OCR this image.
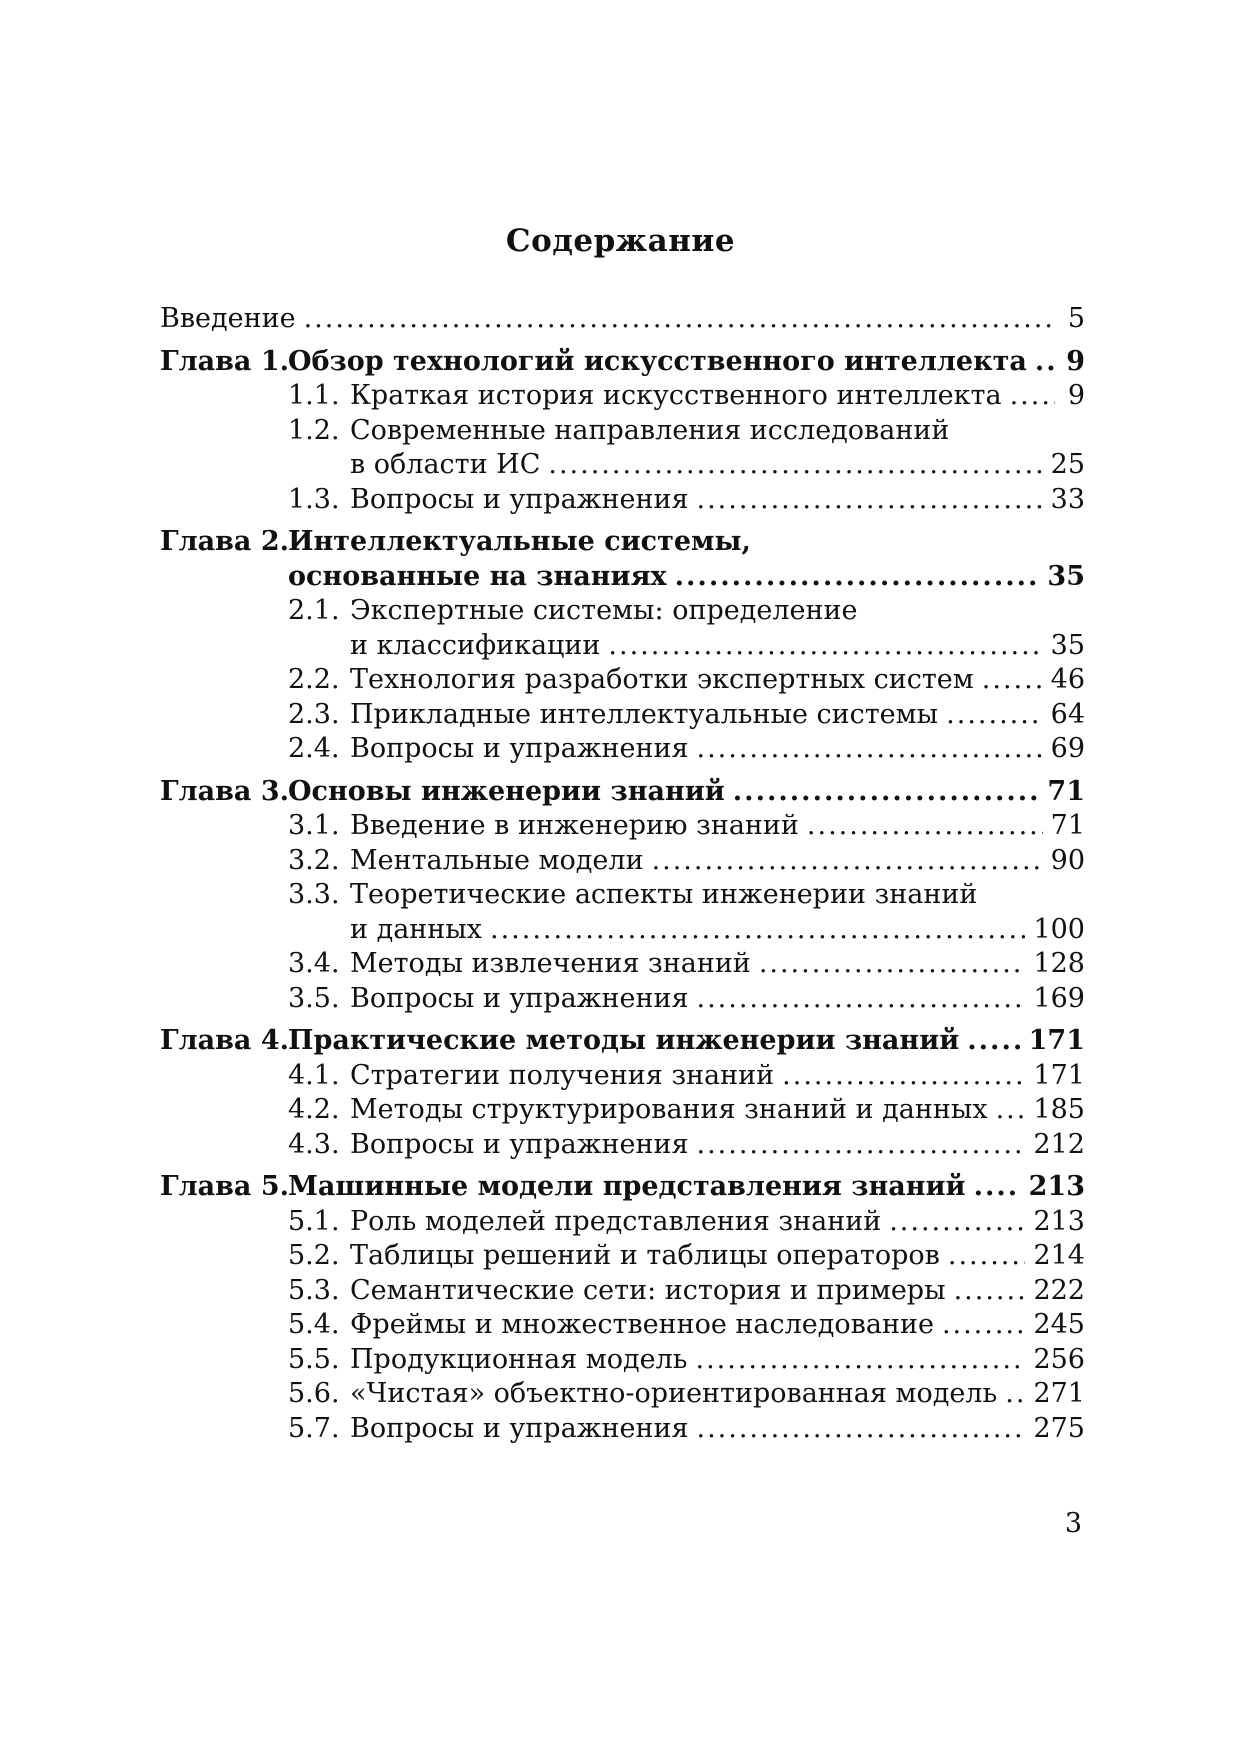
Содержание
Введение .....	5
Глава 1.
Обзор технологий искусственного интеллекта ..... 9
1.1. Краткая история искусственного интеллекта ..... 9
1.2. Современные направления исследований
в области ИС .....	25
1.3. Вопросы и упражнения .....	33
Глава 2.
Интеллектуальные системы,
основанные на знаниях .....	35
2.1. Экспертные системы: определение
и классификации .....	35
2.2. Технология разработки экспертных систем .....	46
2.3. Прикладные интеллектуальные системы .....	64
2.4. Вопросы и упражнения .....	69
Глава 3.
Основы инженерии знаний .....	71
3.1. Введение в инженерию знаний .....	71
3.2. Ментальные модели .....	90
3.3. Теоретические аспекты инженерии знаний
и данных .....	100
3.4. Методы извлечения знаний .....	128
3.5. Вопросы и упражнения .....	169
Глава 4.
Практические методы инженерии знаний .....	171
4.1. Стратегии получения знаний .....	171
4.2. Методы структурирования знаний и данных ..... 185
4.3. Вопросы и упражнения .....	212
Глава 5.
Машинные модели представления знаний ..... 213
5.1. Роль моделей представления знаний .....	213
5.2. Таблицы решений и таблицы операторов .....	214
5.3. Семантические сети: история и примеры .....	222
5.4. Фреймы и множественное наследование .....	245
5.5. Продукционная модель .....	256
5.6. «Чистая» объектно-ориентированная модель ..... 271
5.7. Вопросы и упражнения .....	275
3
